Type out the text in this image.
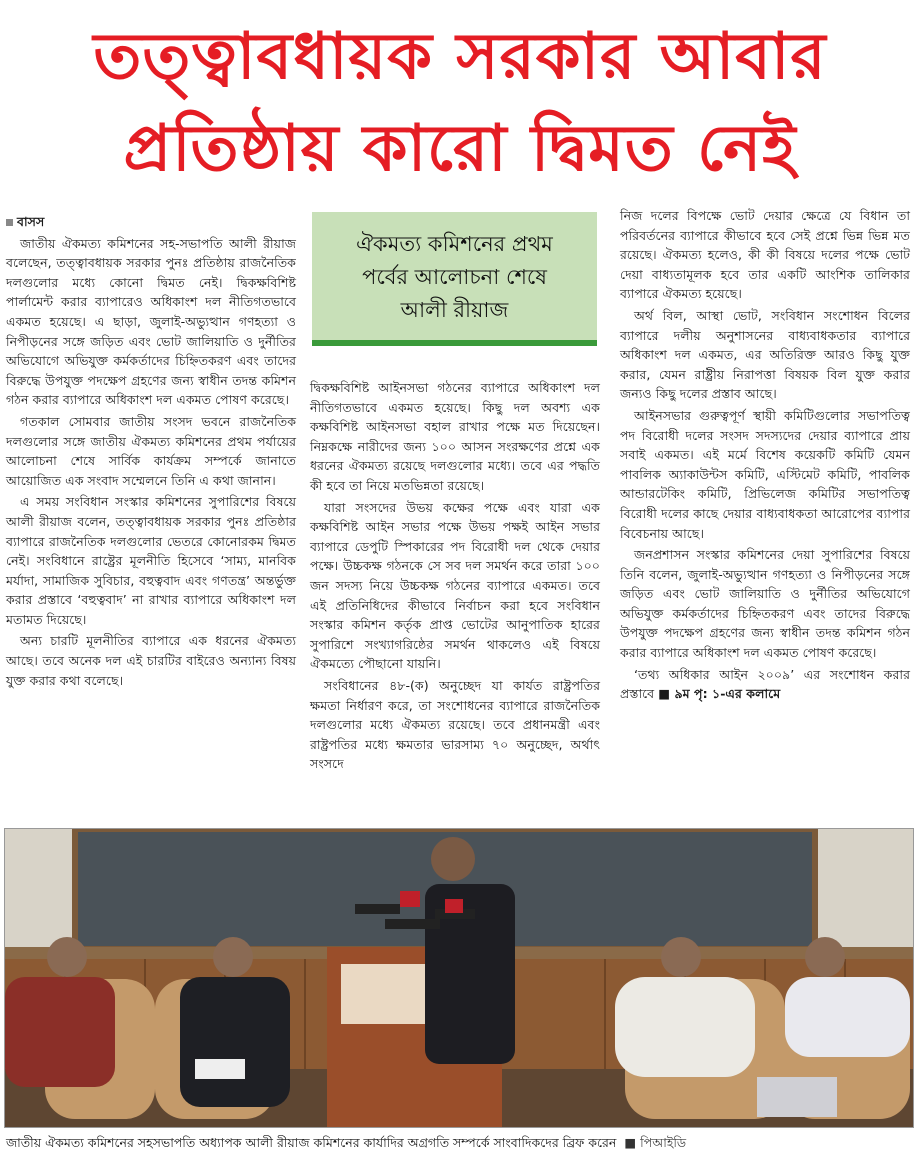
তত্ত্বাবধায়ক সরকার আবার
প্রতিষ্ঠায় কারো দ্বিমত নেই

বাসস

জাতীয় ঐকমত্য কমিশনের সহ-সভাপতি আলী রীয়াজ বলেছেন, তত্ত্বাবধায়ক সরকার পুনঃ প্রতিষ্ঠায় রাজনৈতিক দলগুলোর মধ্যে কোনো দ্বিমত নেই। দ্বিকক্ষবিশিষ্ট পার্লামেন্ট করার ব্যাপারেও অধিকাংশ দল নীতিগতভাবে একমত হয়েছে। এ ছাড়া, জুলাই-অভ্যুত্থান গণহত্যা ও নিপীড়নের সঙ্গে জড়িত এবং ভোট জালিয়াতি ও দুর্নীতির অভিযোগে অভিযুক্ত কর্মকর্তাদের চিহ্নিতকরণ এবং তাদের বিরুদ্ধে উপযুক্ত পদক্ষেপ গ্রহণের জন্য স্বাধীন তদন্ত কমিশন গঠন করার ব্যাপারে অধিকাংশ দল একমত পোষণ করেছে।

গতকাল সোমবার জাতীয় সংসদ ভবনে রাজনৈতিক দলগুলোর সঙ্গে জাতীয় ঐকমত্য কমিশনের প্রথম পর্যায়ের আলোচনা শেষে সার্বিক কার্যক্রম সম্পর্কে জানাতে আয়োজিত এক সংবাদ সম্মেলনে তিনি এ কথা জানান।

এ সময় সংবিধান সংস্কার কমিশনের সুপারিশের বিষয়ে আলী রীয়াজ বলেন, তত্ত্বাবধায়ক সরকার পুনঃ প্রতিষ্ঠার ব্যাপারে রাজনৈতিক দলগুলোর ভেতরে কোনোরকম দ্বিমত নেই। সংবিধানে রাষ্ট্রের মূলনীতি হিসেবে ‘সাম্য, মানবিক মর্যাদা, সামাজিক সুবিচার, বহুত্ববাদ এবং গণতন্ত্র’ অন্তর্ভুক্ত করার প্রস্তাবে ‘বহুত্ববাদ’ না রাখার ব্যাপারে অধিকাংশ দল মতামত দিয়েছে।

অন্য চারটি মূলনীতির ব্যাপারে এক ধরনের ঐকমত্য আছে। তবে অনেক দল এই চারটির বাইরেও অন্যান্য বিষয় যুক্ত করার কথা বলেছে।

ঐকমত্য কমিশনের প্রথম
পর্বের আলোচনা শেষে
আলী রীয়াজ

দ্বিকক্ষবিশিষ্ট আইনসভা গঠনের ব্যাপারে অধিকাংশ দল নীতিগতভাবে একমত হয়েছে। কিছু দল অবশ্য এক কক্ষবিশিষ্ট আইনসভা বহাল রাখার পক্ষে মত দিয়েছেন। নিম্নকক্ষে নারীদের জন্য ১০০ আসন সংরক্ষণের প্রশ্নে এক ধরনের ঐকমত্য রয়েছে দলগুলোর মধ্যে। তবে এর পদ্ধতি কী হবে তা নিয়ে মতভিন্নতা রয়েছে।

যারা সংসদের উভয় কক্ষের পক্ষে এবং যারা এক কক্ষবিশিষ্ট আইন সভার পক্ষে উভয় পক্ষই আইন সভার ব্যাপারে ডেপুটি স্পিকারের পদ বিরোধী দল থেকে দেয়ার পক্ষে। উচ্চকক্ষ গঠনকে সে সব দল সমর্থন করে তারা ১০০ জন সদস্য নিয়ে উচ্চকক্ষ গঠনের ব্যাপারে একমত। তবে এই প্রতিনিধিদের কীভাবে নির্বাচন করা হবে সংবিধান সংস্কার কমিশন কর্তৃক প্রাপ্ত ভোটের আনুপাতিক হারের সুপারিশে সংখ্যাগরিষ্ঠের সমর্থন থাকলেও এই বিষয়ে ঐকমত্যে পৌছানো যায়নি।

সংবিধানের ৪৮-(ক) অনুচ্ছেদ যা কার্যত রাষ্ট্রপতির ক্ষমতা নির্ধারণ করে, তা সংশোধনের ব্যাপারে রাজনৈতিক দলগুলোর মধ্যে ঐকমত্য রয়েছে। তবে প্রধানমন্ত্রী এবং রাষ্ট্রপতির মধ্যে ক্ষমতার ভারসাম্য ৭০ অনুচ্ছেদ, অর্থাৎ সংসদে

নিজ দলের বিপক্ষে ভোট দেয়ার ক্ষেত্রে যে বিধান তা পরিবর্তনের ব্যাপারে কীভাবে হবে সেই প্রশ্নে ভিন্ন ভিন্ন মত রয়েছে। ঐকমত্য হলেও, কী কী বিষয়ে দলের পক্ষে ভোট দেয়া বাধ্যতামূলক হবে তার একটি আংশিক তালিকার ব্যাপারে ঐকমত্য হয়েছে।

অর্থ বিল, আস্থা ভোট, সংবিধান সংশোধন বিলের ব্যাপারে দলীয় অনুশাসনের বাধ্যবাধকতার ব্যাপারে অধিকাংশ দল একমত, এর অতিরিক্ত আরও কিছু যুক্ত করার, যেমন রাষ্ট্রীয় নিরাপত্তা বিষয়ক বিল যুক্ত করার জন্যও কিছু দলের প্রস্তাব আছে।

আইনসভার গুরুত্বপূর্ণ স্থায়ী কমিটিগুলোর সভাপতিত্ব পদ বিরোধী দলের সংসদ সদস্যদের দেয়ার ব্যাপারে প্রায় সবাই একমত। এই মর্মে বিশেষ কয়েকটি কমিটি যেমন পাবলিক অ্যাকাউন্টস কমিটি, এস্টিমেট কমিটি, পাবলিক আন্ডারটেকিং কমিটি, প্রিভিলেজ কমিটির সভাপতিত্ব বিরোধী দলের কাছে দেয়ার বাধ্যবাধকতা আরোপের ব্যাপার বিবেচনায় আছে।

জনপ্রশাসন সংস্কার কমিশনের দেয়া সুপারিশের বিষয়ে তিনি বলেন, জুলাই-অভ্যুত্থান গণহত্যা ও নিপীড়নের সঙ্গে জড়িত এবং ভোট জালিয়াতি ও দুর্নীতির অভিযোগে অভিযুক্ত কর্মকর্তাদের চিহ্নিতকরণ এবং তাদের বিরুদ্ধে উপযুক্ত পদক্ষেপ গ্রহণের জন্য স্বাধীন তদন্ত কমিশন গঠন করার ব্যাপারে অধিকাংশ দল একমত পোষণ করেছে।

‘তথ্য অধিকার আইন ২০০৯’ এর সংশোধন করার প্রস্তাবে ■ ৯ম পৃ: ১-এর কলামে

জাতীয় ঐকমত্য কমিশনের সহসভাপতি অধ্যাপক আলী রীয়াজ কমিশনের কার্যাদির অগ্রগতি সম্পর্কে সাংবাদিকদের ব্রিফ করেন ■ পিআইডি
